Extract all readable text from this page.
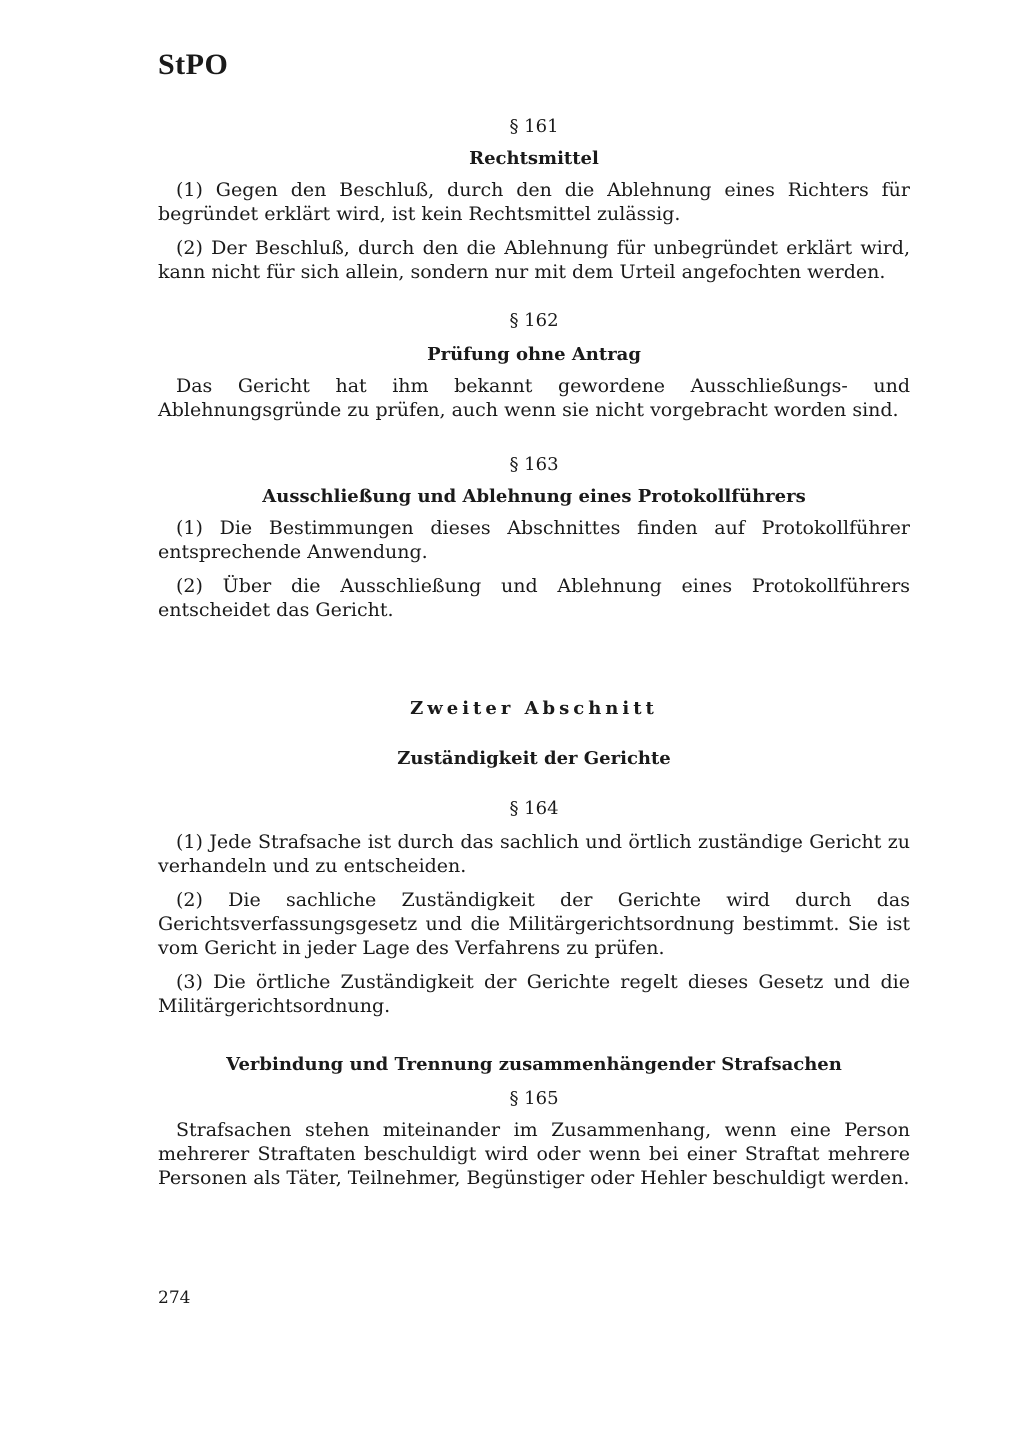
StPO

§ 161

Rechtsmittel

(1) Gegen den Beschluß, durch den die Ablehnung eines Richters für begründet erklärt wird, ist kein Rechtsmittel zulässig.

(2) Der Beschluß, durch den die Ablehnung für unbegründet erklärt wird, kann nicht für sich allein, sondern nur mit dem Urteil angefochten werden.

§ 162

Prüfung ohne Antrag

Das Gericht hat ihm bekannt gewordene Ausschließungs- und Ablehnungsgründe zu prüfen, auch wenn sie nicht vorgebracht worden sind.

§ 163

Ausschließung und Ablehnung eines Protokollführers

(1) Die Bestimmungen dieses Abschnittes finden auf Protokollführer entsprechende Anwendung.

(2) Über die Ausschließung und Ablehnung eines Protokollführers entscheidet das Gericht.

Zweiter Abschnitt

Zuständigkeit der Gerichte

§ 164

(1) Jede Strafsache ist durch das sachlich und örtlich zuständige Gericht zu verhandeln und zu entscheiden.

(2) Die sachliche Zuständigkeit der Gerichte wird durch das Gerichtsverfassungsgesetz und die Militärgerichtsordnung bestimmt. Sie ist vom Gericht in jeder Lage des Verfahrens zu prüfen.

(3) Die örtliche Zuständigkeit der Gerichte regelt dieses Gesetz und die Militärgerichtsordnung.

Verbindung und Trennung zusammenhängender Strafsachen

§ 165

Strafsachen stehen miteinander im Zusammenhang, wenn eine Person mehrerer Straftaten beschuldigt wird oder wenn bei einer Straftat mehrere Personen als Täter, Teilnehmer, Begünstiger oder Hehler beschuldigt werden.

274
